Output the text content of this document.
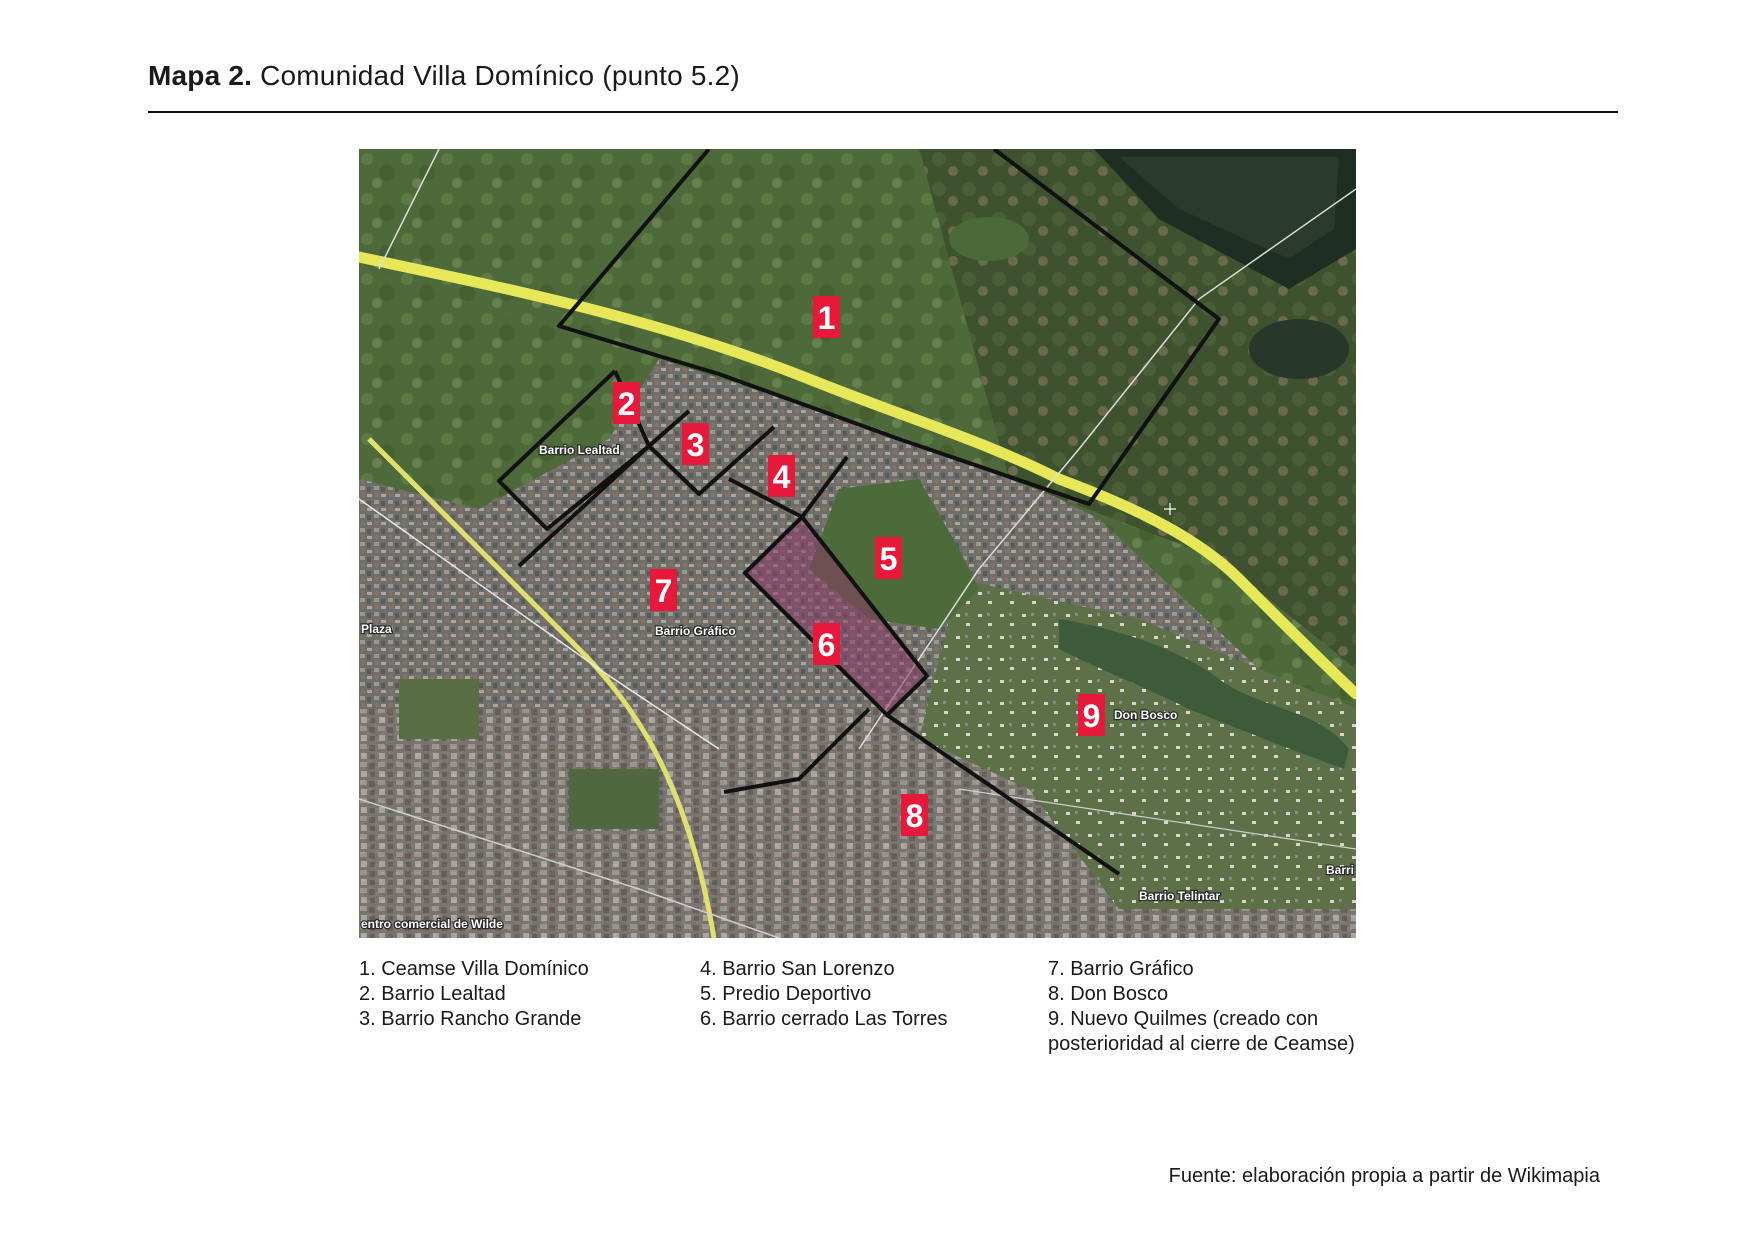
Mapa 2. Comunidad Villa Domínico (punto 5.2)
Barrio Lealtad
Barrio Gráfico
Don Bosco
Plaza
entro comercial de Wilde
Barrio Telintar
Barri
1
2
3
4
5
6
7
8
9
1. Ceamse Villa Domínico
2. Barrio Lealtad
3. Barrio Rancho Grande
4. Barrio San Lorenzo
5. Predio Deportivo
6. Barrio cerrado Las Torres
7. Barrio Gráfico
8. Don Bosco
9. Nuevo Quilmes (creado con
posterioridad al cierre de Ceamse)
Fuente: elaboración propia a partir de Wikimapia
